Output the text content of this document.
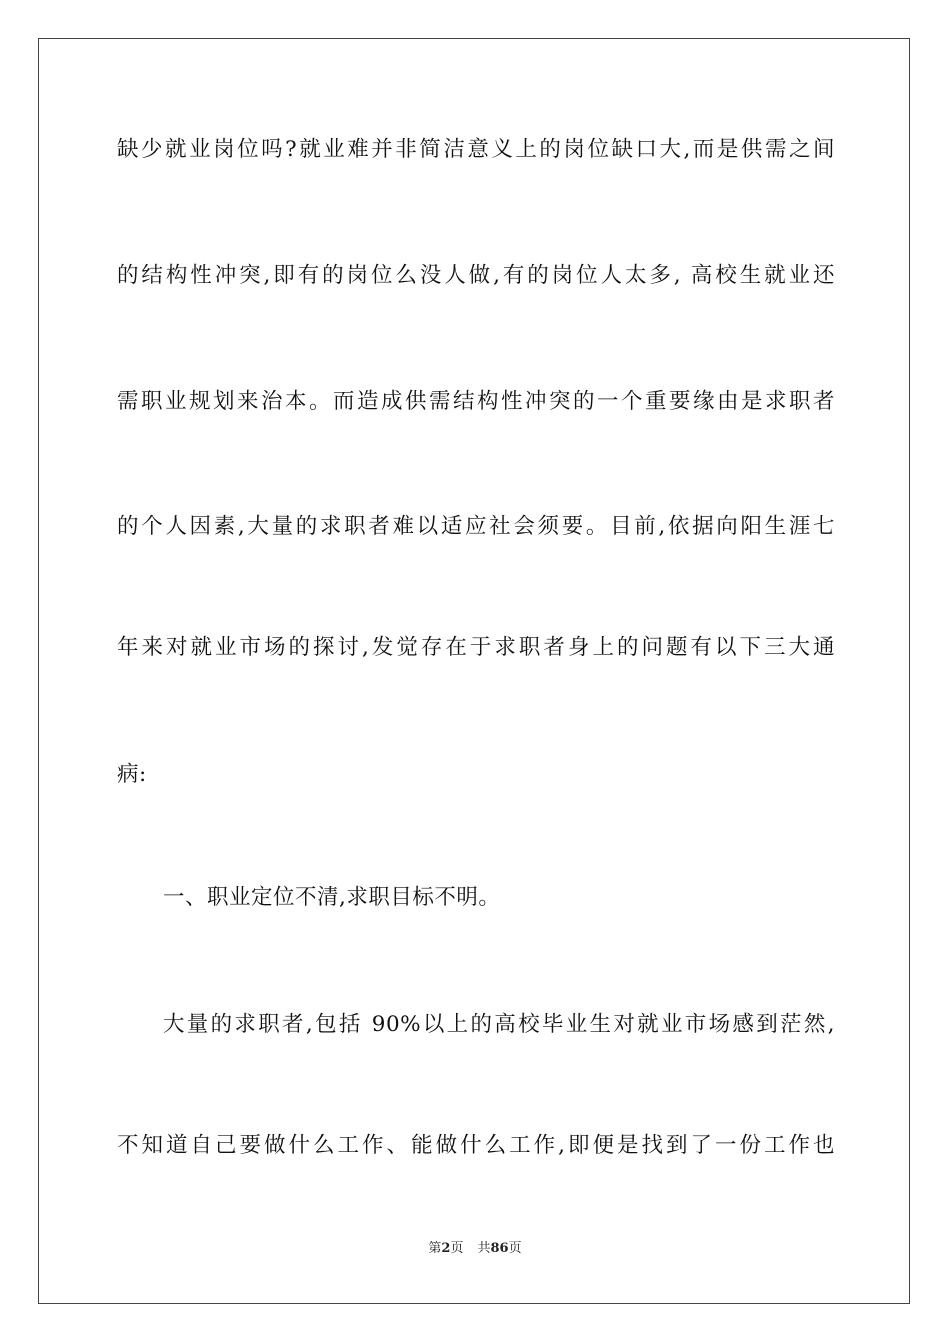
缺少就业岗位吗?就业难并非简洁意义上的岗位缺口大,而是供需之间
的结构性冲突,即有的岗位么没人做,有的岗位人太多, 高校生就业还
需职业规划来治本。而造成供需结构性冲突的一个重要缘由是求职者
的个人因素,大量的求职者难以适应社会须要。目前,依据向阳生涯七
年来对就业市场的探讨,发觉存在于求职者身上的问题有以下三大通
病:
一、职业定位不清,求职目标不明。
大量的求职者,包括 90%以上的高校毕业生对就业市场感到茫然,
不知道自己要做什么工作、能做什么工作,即便是找到了一份工作也
第2页 共86页
